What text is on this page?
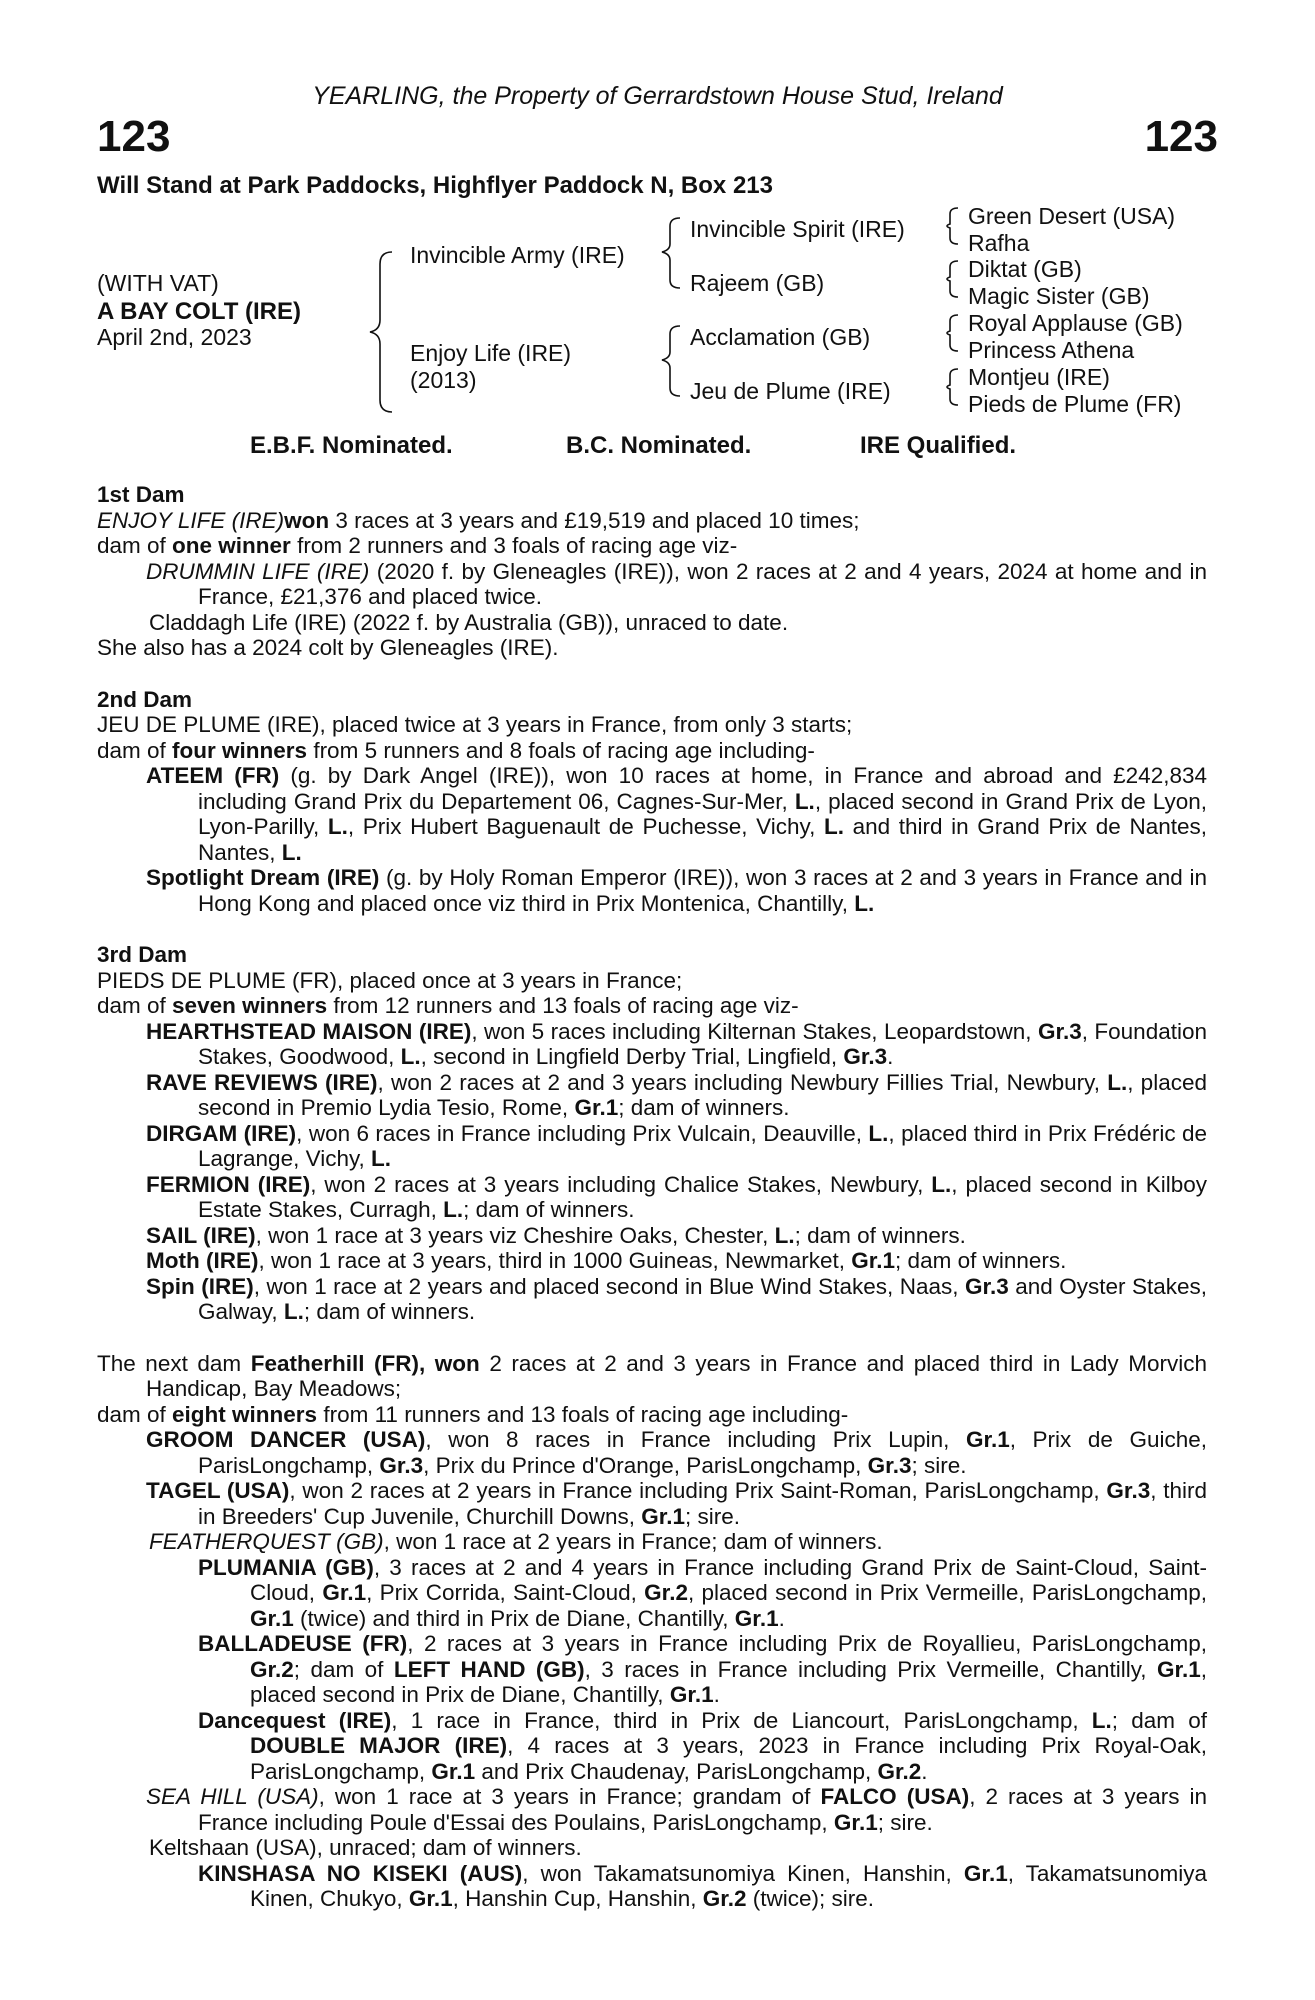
123	123
YEARLING, the Property of Gerrardstown House Stud, Ireland
Will Stand at Park Paddocks, Highflyer Paddock N, Box 213
(WITH VAT)
A BAY COLT (IRE)
April 2nd, 2023
Invincible Army (IRE)
Enjoy Life (IRE)
(2013)
Invincible Spirit (IRE)
Rajeem (GB)
Acclamation (GB)
Jeu de Plume (IRE)
Green Desert (USA)
Rafha
Diktat (GB)
Magic Sister (GB)
Royal Applause (GB)
Princess Athena
Montjeu (IRE)
Pieds de Plume (FR)
E.B.F. Nominated.	B.C. Nominated.	IRE Qualified.

1st Dam

ENJOY LIFE (IRE)won 3 races at 3 years and £19,519 and placed 10 times;

dam of one winner from 2 runners and 3 foals of racing age viz-

DRUMMIN LIFE (IRE) (2020 f. by Gleneagles (IRE)), won 2 races at 2 and 4 years, 2024 at home and in France, £21,376 and placed twice.

Claddagh Life (IRE) (2022 f. by Australia (GB)), unraced to date.

She also has a 2024 colt by Gleneagles (IRE).

2nd Dam

JEU DE PLUME (IRE), placed twice at 3 years in France, from only 3 starts;

dam of four winners from 5 runners and 8 foals of racing age including-

ATEEM (FR) (g. by Dark Angel (IRE)), won 10 races at home, in France and abroad and £242,834 including Grand Prix du Departement 06, Cagnes-Sur-Mer, L., placed second in Grand Prix de Lyon, Lyon-Parilly, L., Prix Hubert Baguenault de Puchesse, Vichy, L. and third in Grand Prix de Nantes, Nantes, L.

Spotlight Dream (IRE) (g. by Holy Roman Emperor (IRE)), won 3 races at 2 and 3 years in France and in Hong Kong and placed once viz third in Prix Montenica, Chantilly, L.

3rd Dam

PIEDS DE PLUME (FR), placed once at 3 years in France;

dam of seven winners from 12 runners and 13 foals of racing age viz-

HEARTHSTEAD MAISON (IRE), won 5 races including Kilternan Stakes, Leopardstown, Gr.3, Foundation Stakes, Goodwood, L., second in Lingfield Derby Trial, Lingfield, Gr.3.

RAVE REVIEWS (IRE), won 2 races at 2 and 3 years including Newbury Fillies Trial, Newbury, L., placed second in Premio Lydia Tesio, Rome, Gr.1; dam of winners.

DIRGAM (IRE), won 6 races in France including Prix Vulcain, Deauville, L., placed third in Prix Frédéric de Lagrange, Vichy, L.

FERMION (IRE), won 2 races at 3 years including Chalice Stakes, Newbury, L., placed second in Kilboy Estate Stakes, Curragh, L.; dam of winners.

SAIL (IRE), won 1 race at 3 years viz Cheshire Oaks, Chester, L.; dam of winners.

Moth (IRE), won 1 race at 3 years, third in 1000 Guineas, Newmarket, Gr.1; dam of winners.

Spin (IRE), won 1 race at 2 years and placed second in Blue Wind Stakes, Naas, Gr.3 and Oyster Stakes, Galway, L.; dam of winners.

The next dam Featherhill (FR), won 2 races at 2 and 3 years in France and placed third in Lady Morvich Handicap, Bay Meadows;

dam of eight winners from 11 runners and 13 foals of racing age including-

GROOM DANCER (USA), won 8 races in France including Prix Lupin, Gr.1, Prix de Guiche, ParisLongchamp, Gr.3, Prix du Prince d'Orange, ParisLongchamp, Gr.3; sire.

TAGEL (USA), won 2 races at 2 years in France including Prix Saint-Roman, ParisLongchamp, Gr.3, third in Breeders' Cup Juvenile, Churchill Downs, Gr.1; sire.

FEATHERQUEST (GB), won 1 race at 2 years in France; dam of winners.

PLUMANIA (GB), 3 races at 2 and 4 years in France including Grand Prix de Saint-Cloud, Saint-Cloud, Gr.1, Prix Corrida, Saint-Cloud, Gr.2, placed second in Prix Vermeille, ParisLongchamp, Gr.1 (twice) and third in Prix de Diane, Chantilly, Gr.1.

BALLADEUSE (FR), 2 races at 3 years in France including Prix de Royallieu, ParisLongchamp, Gr.2; dam of LEFT HAND (GB), 3 races in France including Prix Vermeille, Chantilly, Gr.1, placed second in Prix de Diane, Chantilly, Gr.1.

Dancequest (IRE), 1 race in France, third in Prix de Liancourt, ParisLongchamp, L.; dam of DOUBLE MAJOR (IRE), 4 races at 3 years, 2023 in France including Prix Royal-Oak, ParisLongchamp, Gr.1 and Prix Chaudenay, ParisLongchamp, Gr.2.

SEA HILL (USA), won 1 race at 3 years in France; grandam of FALCO (USA), 2 races at 3 years in France including Poule d'Essai des Poulains, ParisLongchamp, Gr.1; sire.

Keltshaan (USA), unraced; dam of winners.

KINSHASA NO KISEKI (AUS), won Takamatsunomiya Kinen, Hanshin, Gr.1, Takamatsunomiya Kinen, Chukyo, Gr.1, Hanshin Cup, Hanshin, Gr.2 (twice); sire.
